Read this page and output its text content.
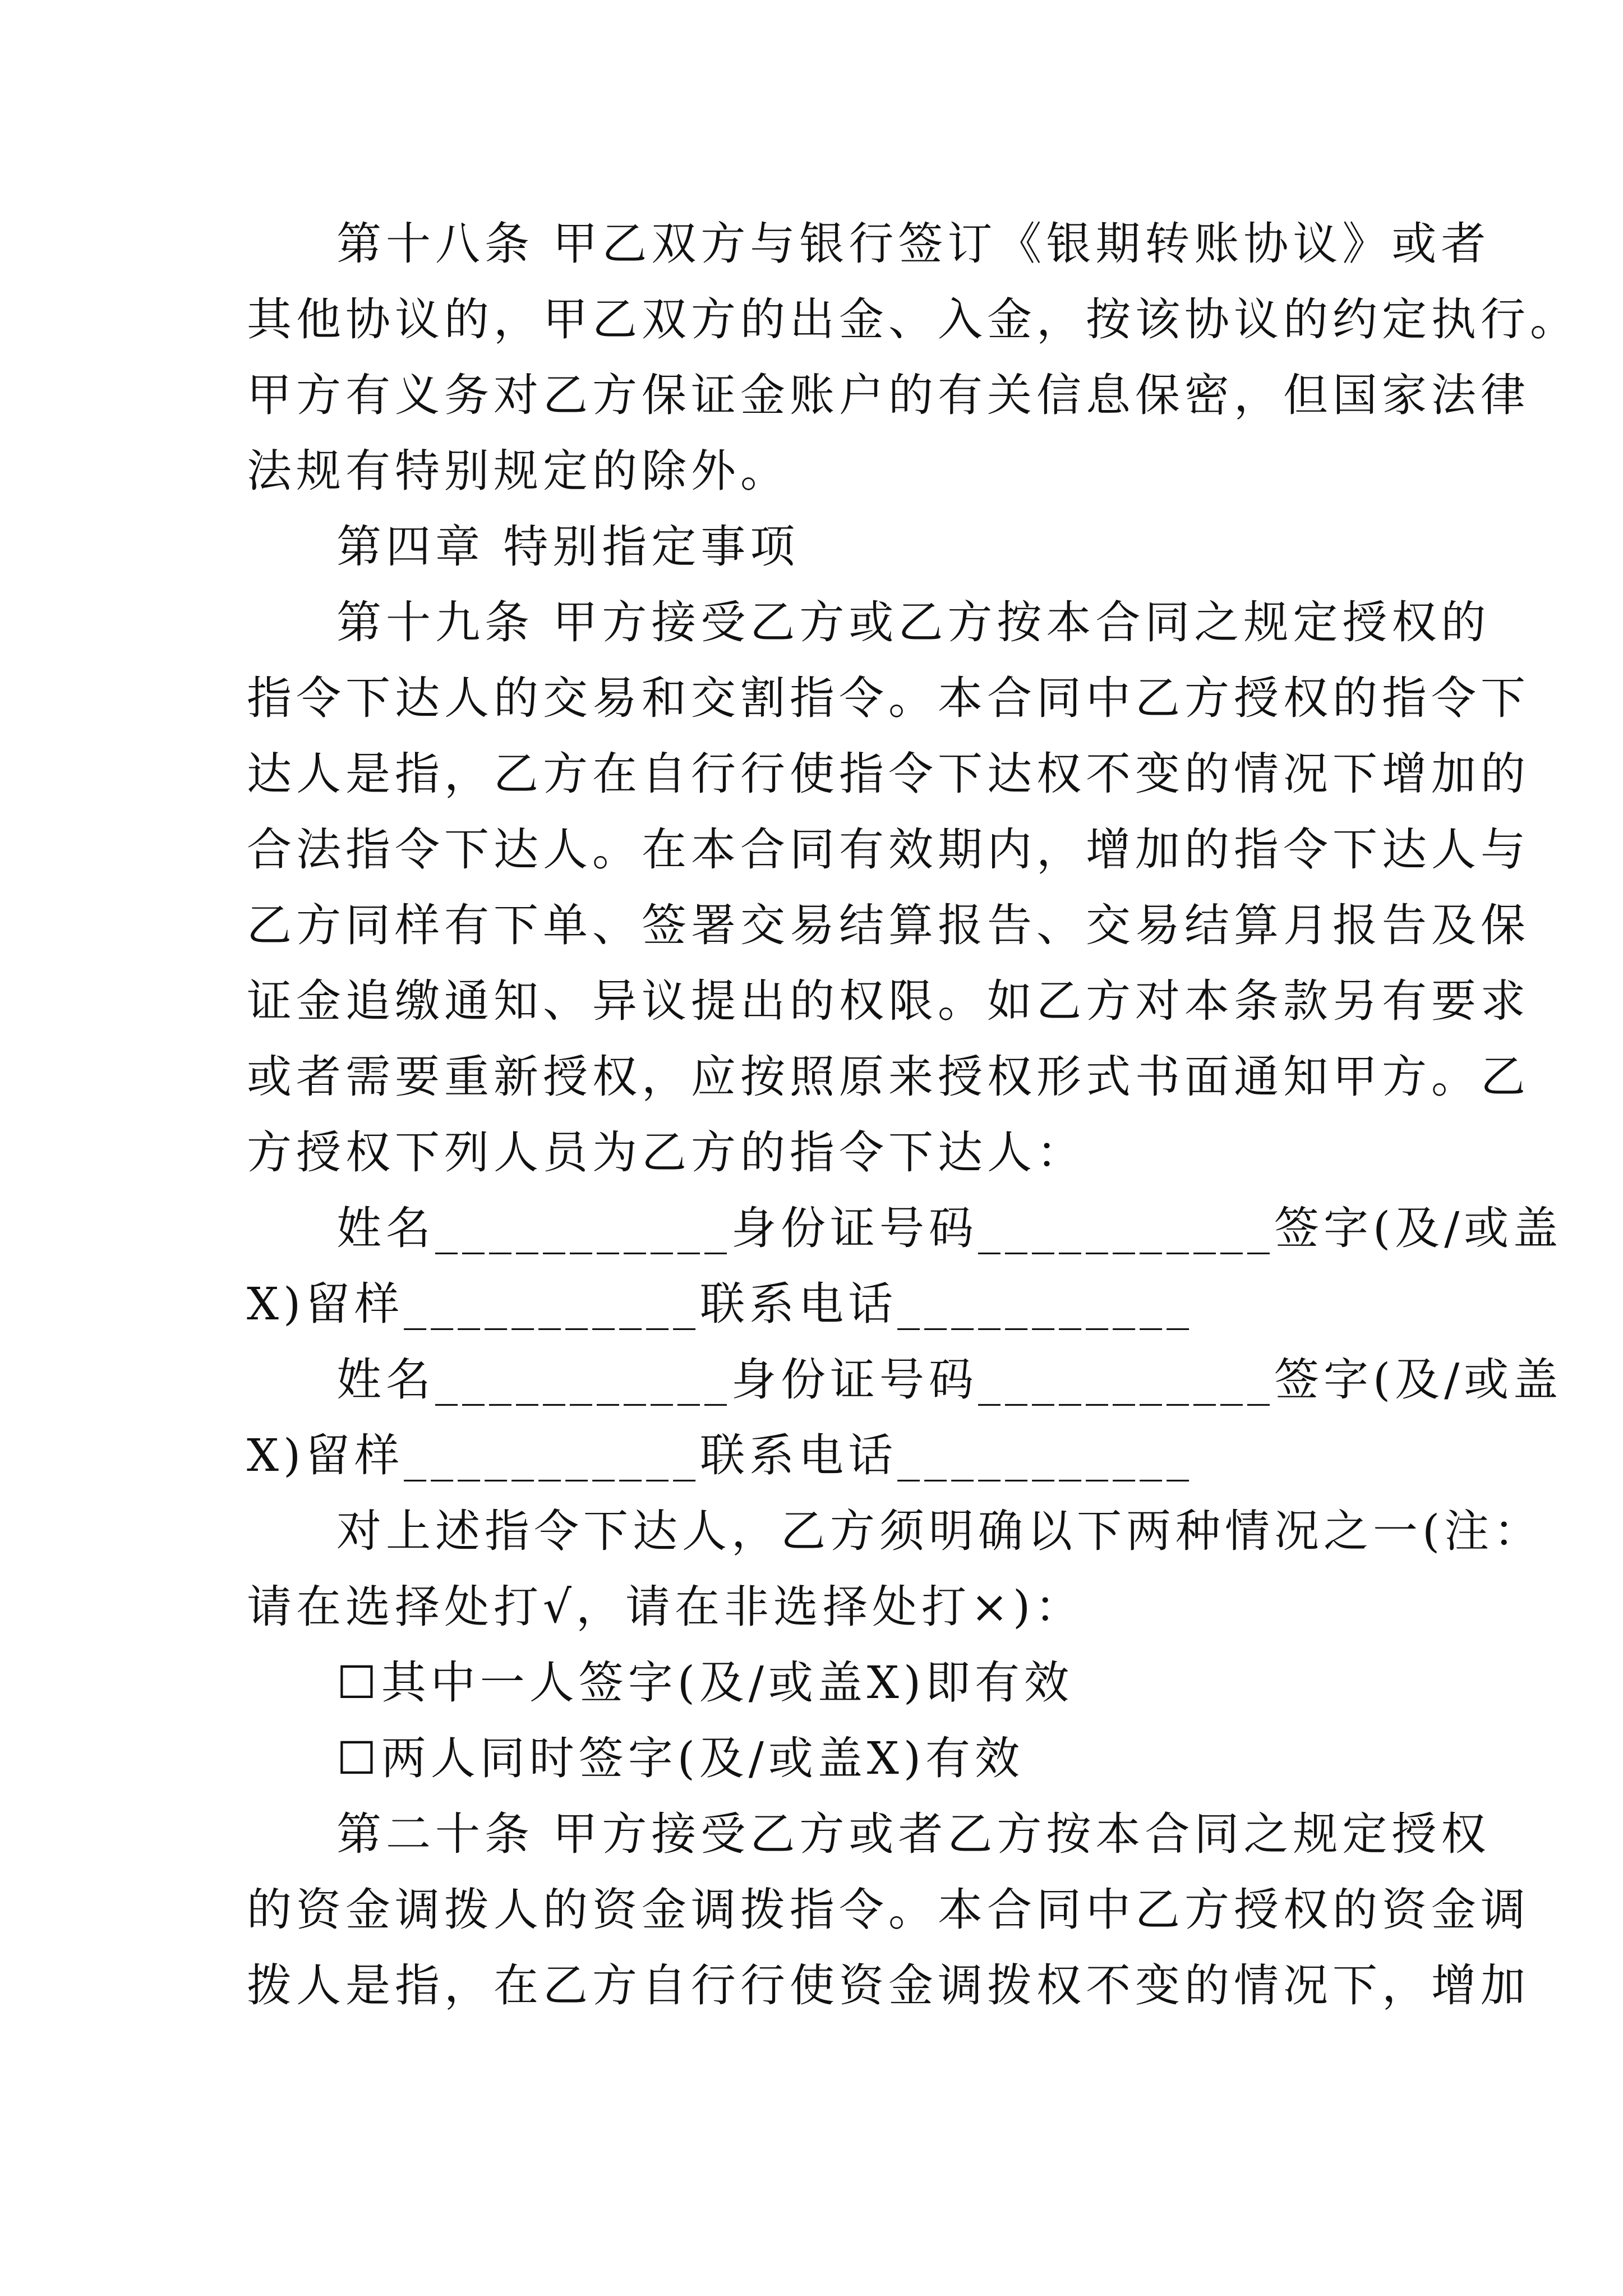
第十八条 甲乙双方与银行签订《银期转账协议》或者
其他协议的，甲乙双方的出金、入金，按该协议的约定执行。
甲方有义务对乙方保证金账户的有关信息保密，但国家法律
法规有特别规定的除外。
第四章 特别指定事项
第十九条 甲方接受乙方或乙方按本合同之规定授权的
指令下达人的交易和交割指令。本合同中乙方授权的指令下
达人是指，乙方在自行行使指令下达权不变的情况下增加的
合法指令下达人。在本合同有效期内，增加的指令下达人与
乙方同样有下单、签署交易结算报告、交易结算月报告及保
证金追缴通知、异议提出的权限。如乙方对本条款另有要求
或者需要重新授权，应按照原来授权形式书面通知甲方。乙
方授权下列人员为乙方的指令下达人：
姓名___________身份证号码___________签字(及/或盖
X)留样___________联系电话___________
姓名___________身份证号码___________签字(及/或盖
X)留样___________联系电话___________
对上述指令下达人，乙方须明确以下两种情况之一(注：
请在选择处打√，请在非选择处打×)：
☐其中一人签字(及/或盖X)即有效
☐两人同时签字(及/或盖X)有效
第二十条 甲方接受乙方或者乙方按本合同之规定授权
的资金调拨人的资金调拨指令。本合同中乙方授权的资金调
拨人是指，在乙方自行行使资金调拨权不变的情况下，增加
